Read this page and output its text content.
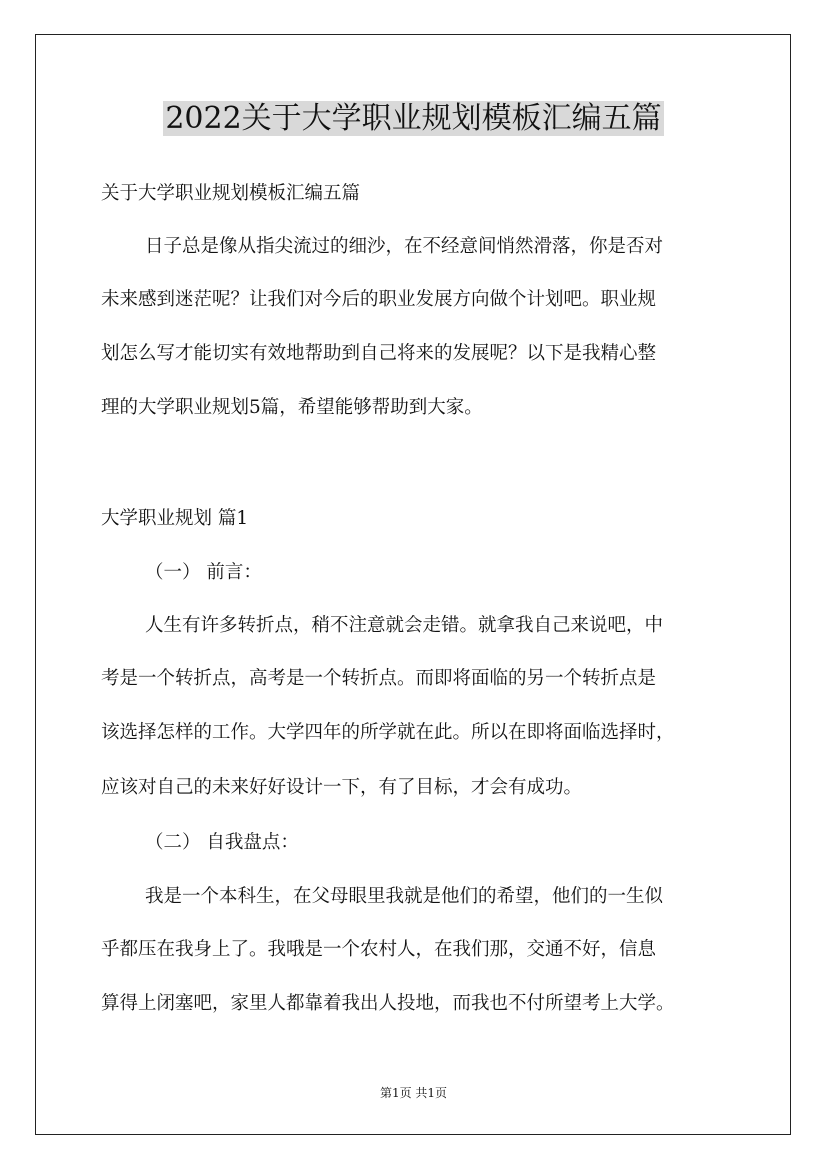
2022关于大学职业规划模板汇编五篇
关于大学职业规划模板汇编五篇
日子总是像从指尖流过的细沙，在不经意间悄然滑落，你是否对
未来感到迷茫呢？让我们对今后的职业发展方向做个计划吧。职业规
划怎么写才能切实有效地帮助到自己将来的发展呢？以下是我精心整
理的大学职业规划5篇，希望能够帮助到大家。
大学职业规划 篇1
（一） 前言：
人生有许多转折点，稍不注意就会走错。就拿我自己来说吧，中
考是一个转折点，高考是一个转折点。而即将面临的另一个转折点是
该选择怎样的工作。大学四年的所学就在此。所以在即将面临选择时，
应该对自己的未来好好设计一下，有了目标，才会有成功。
（二） 自我盘点：
我是一个本科生，在父母眼里我就是他们的希望，他们的一生似
乎都压在我身上了。我哦是一个农村人，在我们那，交通不好，信息
算得上闭塞吧，家里人都靠着我出人投地，而我也不付所望考上大学。
第1页 共1页
